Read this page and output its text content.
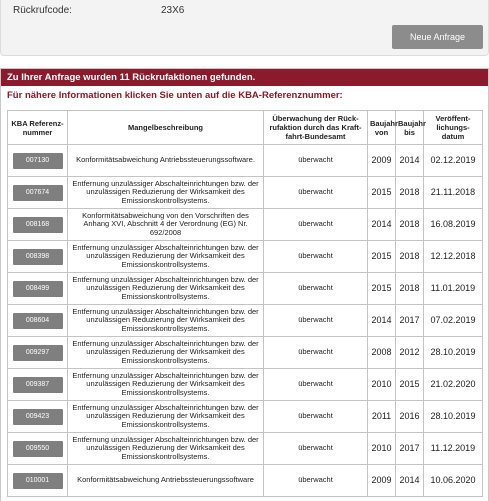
Rückrufcode:	23X6
Neue Anfrage
Zu Ihrer Anfrage wurden 11 Rückrufaktionen gefunden.
Für nähere Informationen klicken Sie unten auf die KBA-Referenznummer:
KBA Referenz-nummer	Mangelbeschreibung	Überwachung der Rück-rufaktion durch das Kraft-fahrt-Bundesamt	Baujahr von	Baujahr bis	Veröffent-lichungs-datum
007130	Konformitätsabweichung Antriebssteuerungssoftware.	überwacht	2009	2014	02.12.2019
007674	Entfernung unzulässiger Abschalteinrichtungen bzw. der unzulässigen Reduzierung der Wirksamkeit des Emissionskontrollsystems.	überwacht	2015	2018	21.11.2018
008168	Konformitätsabweichung von den Vorschriften des Anhang XVI, Abschnitt 4 der Verordnung (EG) Nr. 692/2008	überwacht	2014	2018	16.08.2019
008398	Entfernung unzulässiger Abschalteinrichtungen bzw. der unzulässigen Reduzierung der Wirksamkeit des Emissionskontrollsystems.	überwacht	2015	2018	12.12.2018
008499	Entfernung unzulässiger Abschalteinrichtungen bzw. der unzulässigen Reduzierung der Wirksamkeit des Emissionskontrollsystems.	überwacht	2015	2018	11.01.2019
008604	Entfernung unzulässiger Abschalteinrichtungen bzw. der unzulässigen Reduzierung der Wirksamkeit des Emissionskontrollsystems.	überwacht	2014	2017	07.02.2019
009297	Entfernung unzulässiger Abschalteinrichtungen bzw. der unzulässigen Reduzierung der Wirksamkeit des Emissionskontrollsystems.	überwacht	2008	2012	28.10.2019
009387	Entfernung unzulässiger Abschalteinrichtungen bzw. der unzulässigen Reduzierung der Wirksamkeit des Emissionskontrollsystems.	überwacht	2010	2015	21.02.2020
009423	Entfernung unzulässiger Abschalteinrichtungen bzw. der unzulässigen Reduzierung der Wirksamkeit des Emissionskontrollsystems.	überwacht	2011	2016	28.10.2019
009550	Entfernung unzulässiger Abschalteinrichtungen bzw. der unzulässigen Reduzierung der Wirksamkeit des Emissionskontrollsystems.	überwacht	2010	2017	11.12.2019
010001	Konformitätsabweichung Antriebssteuerungssoftware	überwacht	2009	2014	10.06.2020
